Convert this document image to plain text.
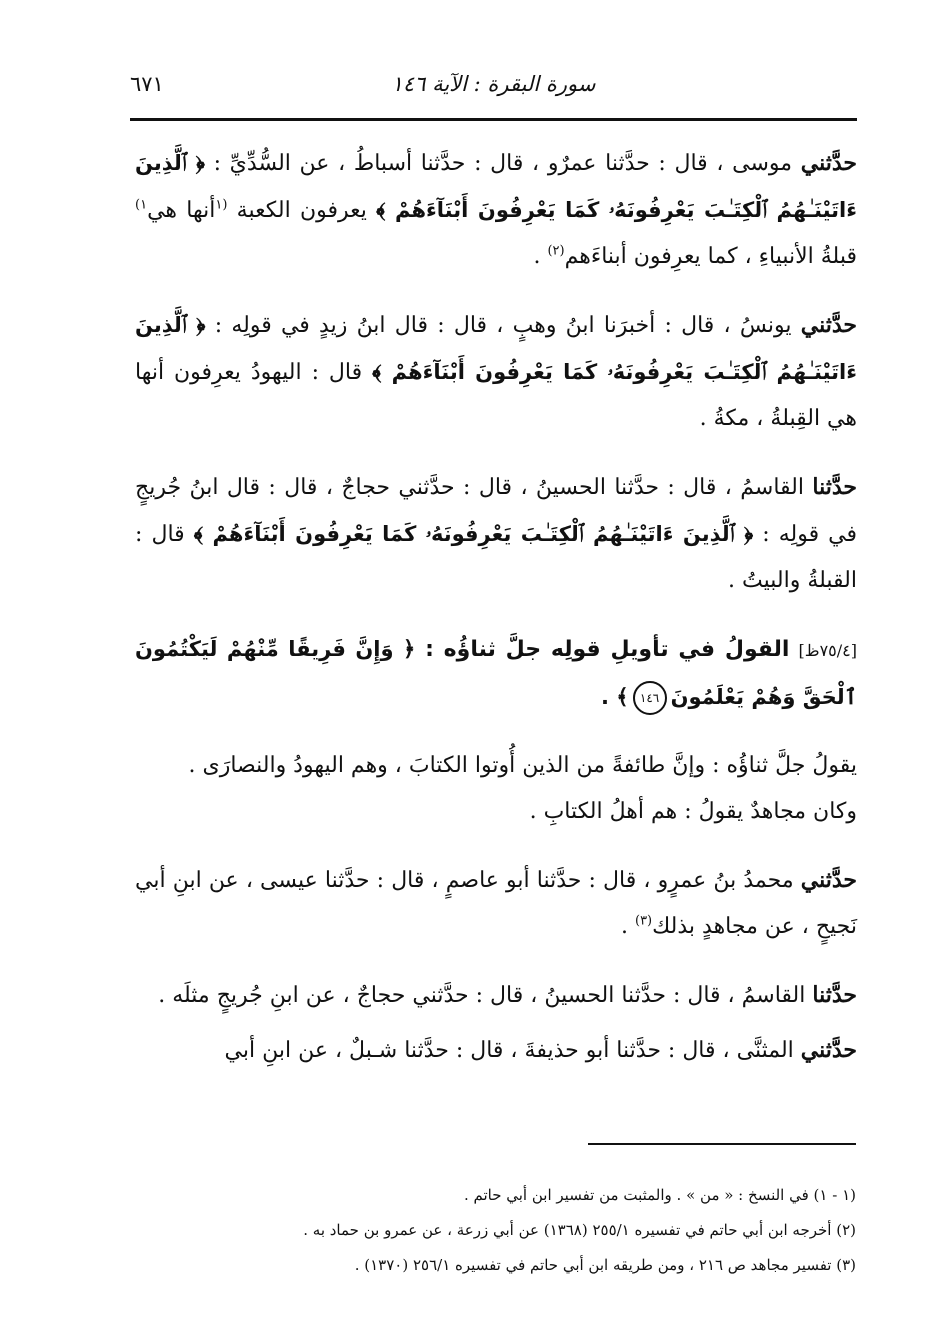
سورة البقرة : الآية ١٤٦
٦٧١

حدَّثني موسى ، قال : حدَّثنا عمرٌو ، قال : حدَّثنا أسباطُ ، عن السُّدِّيِّ : ﴿ ٱلَّذِينَ ءَاتَيْنَـٰهُمُ ٱلْكِتَـٰبَ يَعْرِفُونَهُۥ كَمَا يَعْرِفُونَ أَبْنَآءَهُمْ ﴾ يعرفون الكعبة $^{(١}$أنها هي$^{١)}$ قبلةُ الأنبياءِ ، كما يعرِفون أبناءَهم$^{(٢)}$ .

حدَّثني يونسُ ، قال : أخبرَنا ابنُ وهبٍ ، قال : قال ابنُ زيدٍ في قولِه : ﴿ ٱلَّذِينَ ءَاتَيْنَـٰهُمُ ٱلْكِتَـٰبَ يَعْرِفُونَهُۥ كَمَا يَعْرِفُونَ أَبْنَآءَهُمْ ﴾ قال : اليهودُ يعرِفون أنها هي القِبلةُ ، مكةُ .

حدَّثنا القاسمُ ، قال : حدَّثنا الحسينُ ، قال : حدَّثني حجاجٌ ، قال : قال ابنُ جُريجٍ في قولِه : ﴿ ٱلَّذِينَ ءَاتَيْنَـٰهُمُ ٱلْكِتَـٰبَ يَعْرِفُونَهُۥ كَمَا يَعْرِفُونَ أَبْنَآءَهُمْ ﴾ قال : القبلةُ والبيتُ .

[٧٥/٤ظ] القولُ في تأويلِ قولِه جلَّ ثناؤُه : ﴿ وَإِنَّ فَرِيقًا مِّنْهُمْ لَيَكْتُمُونَ ٱلْحَقَّ وَهُمْ يَعْلَمُونَ١٤٦﴾ .

يقولُ جلَّ ثناؤُه : وإنَّ طائفةً من الذين أُوتوا الكتابَ ، وهم اليهودُ والنصارَى .
وكان مجاهدٌ يقولُ : هم أهلُ الكتابِ .

حدَّثني محمدُ بنُ عمرٍو ، قال : حدَّثنا أبو عاصمٍ ، قال : حدَّثنا عيسى ، عن ابنِ أبي نَجيحٍ ، عن مجاهدٍ بذلك$^{(٣)}$ .

حدَّثنا القاسمُ ، قال : حدَّثنا الحسينُ ، قال : حدَّثني حجاجٌ ، عن ابنِ جُريجٍ مثلَه .

حدَّثني المثنَّى ، قال : حدَّثنا أبو حذيفةَ ، قال : حدَّثنا شـبلٌ ، عن ابنِ أبي

(١ - ١) في النسخ : « من » . والمثبت من تفسير ابن أبي حاتم .
(٢) أخرجه ابن أبي حاتم في تفسيره ٢٥٥/١ (١٣٦٨) عن أبي زرعة ، عن عمرو بن حماد به .
(٣) تفسير مجاهد ص ٢١٦ ، ومن طريقه ابن أبي حاتم في تفسيره ٢٥٦/١ (١٣٧٠) .
